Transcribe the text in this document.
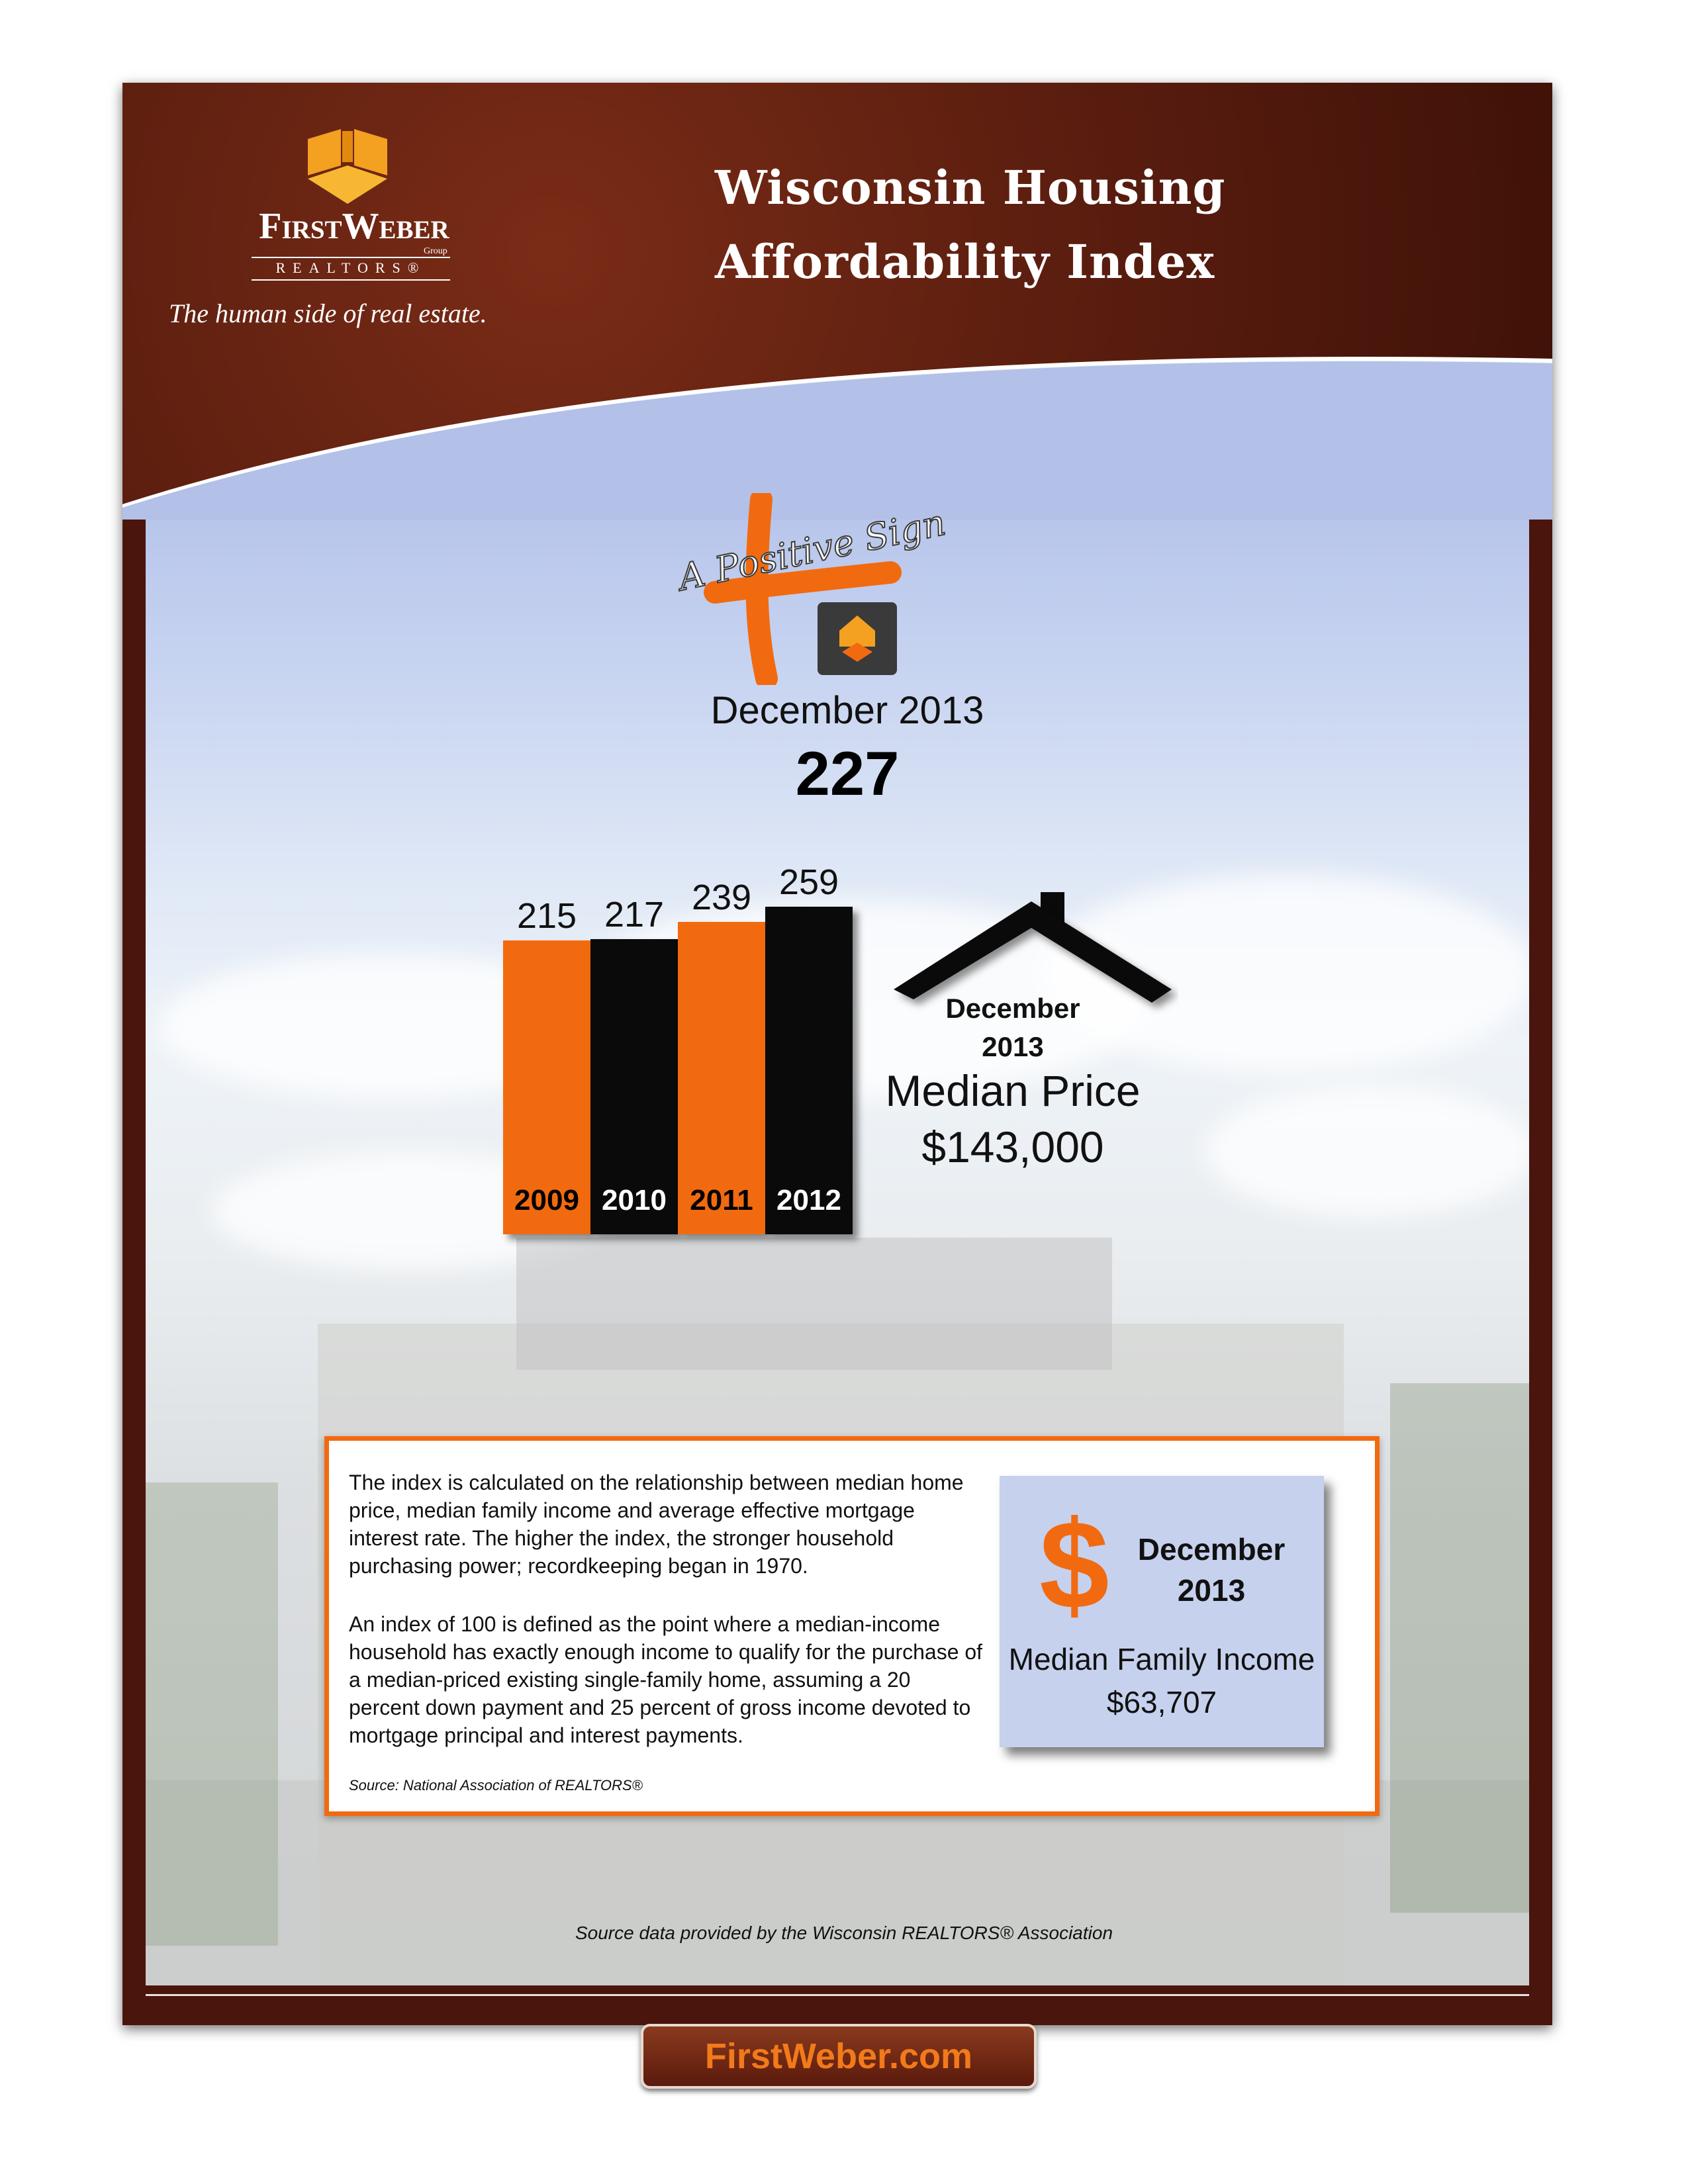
FirstWeber
Group
REALTORS®
The human side of real estate.
Wisconsin Housing
Affordability Index
A Positive Sign
December 2013
227
2009
215
2010
217
2011
239
2012
259
December
2013
Median Price
$143,000
The index is calculated on the relationship between median home price, median family income and average effective mortgage interest rate. The higher the index, the stronger household purchasing power; recordkeeping began in 1970.
An index of 100 is defined as the point where a median-income household has exactly enough income to qualify for the purchase of a median-priced existing single-family home, assuming a 20 percent down payment and 25 percent of gross income devoted to mortgage principal and interest payments.
Source: National Association of REALTORS®
$ December
2013
Median Family Income
$63,707
Source data provided by the Wisconsin REALTORS® Association
FirstWeber.com
